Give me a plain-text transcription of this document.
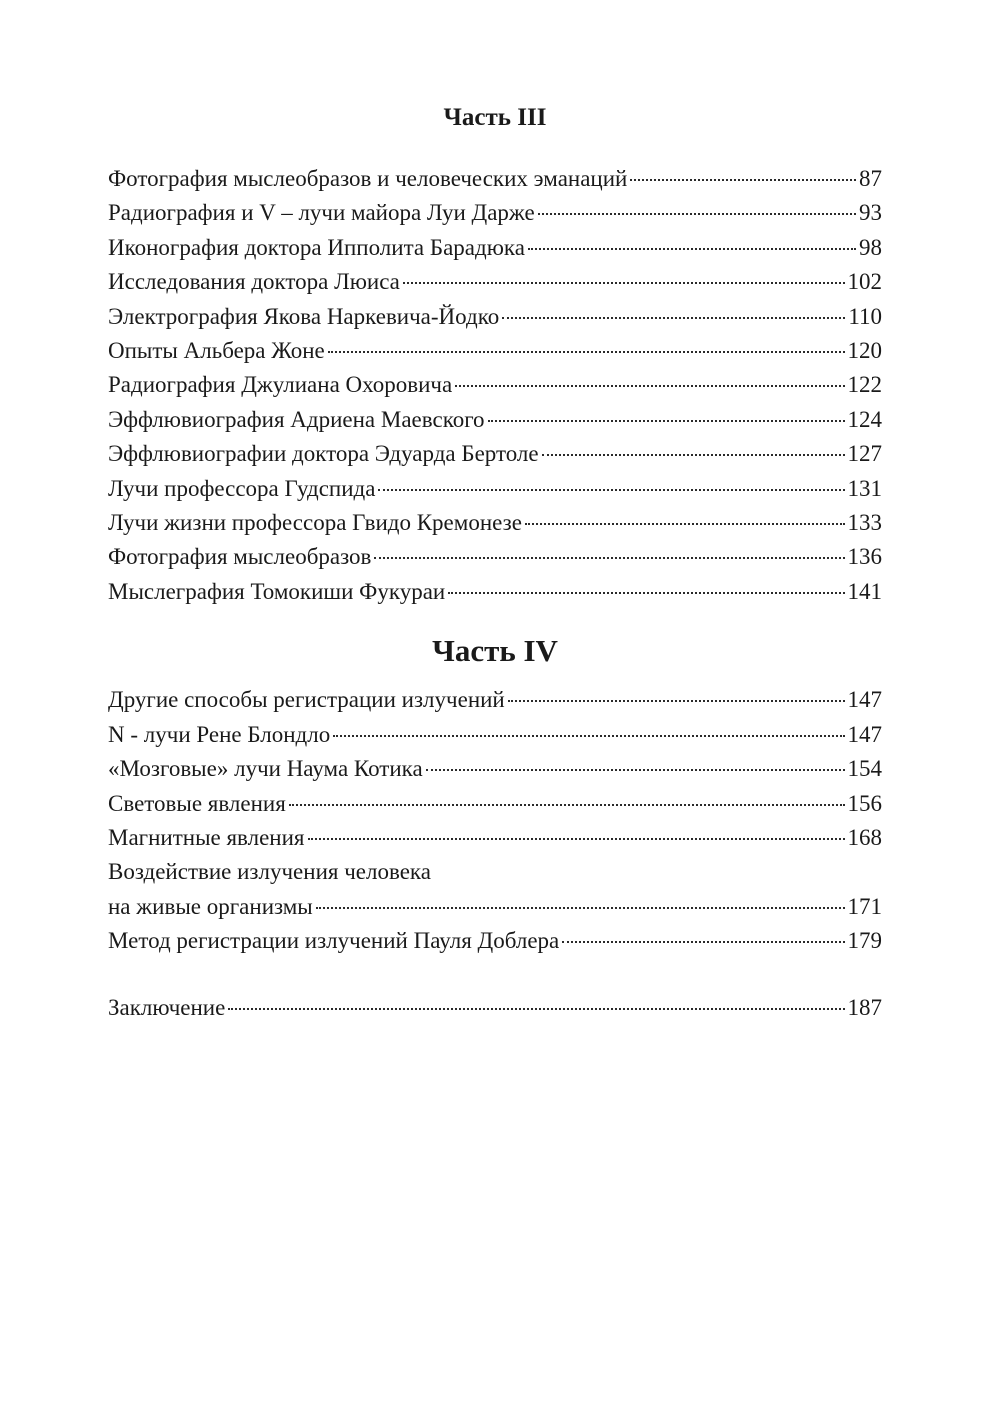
Часть III
Фотография мыслеобразов и человеческих эманаций	87
Радиография и V – лучи майора Луи Дарже	93
Иконография доктора Ипполита Барадюка	98
Исследования доктора Люиса	102
Электрография Якова Наркевича-Йодко	110
Опыты Альбера Жоне	120
Радиография Джулиана Охоровича	122
Эффлювиография Адриена Маевского	124
Эффлювиографии доктора Эдуарда Бертоле	127
Лучи профессора Гудспида	131
Лучи жизни профессора Гвидо Кремонезе	133
Фотография мыслеобразов	136
Мыслеграфия Томокиши Фукураи	141
Часть IV
Другие способы регистрации излучений	147
N - лучи Рене Блондло	147
«Мозговые» лучи Наума Котика	154
Световые явления	156
Магнитные явления	168
Воздействие излучения человека
на живые организмы	171
Метод регистрации излучений Пауля Доблера	179
Заключение	187
